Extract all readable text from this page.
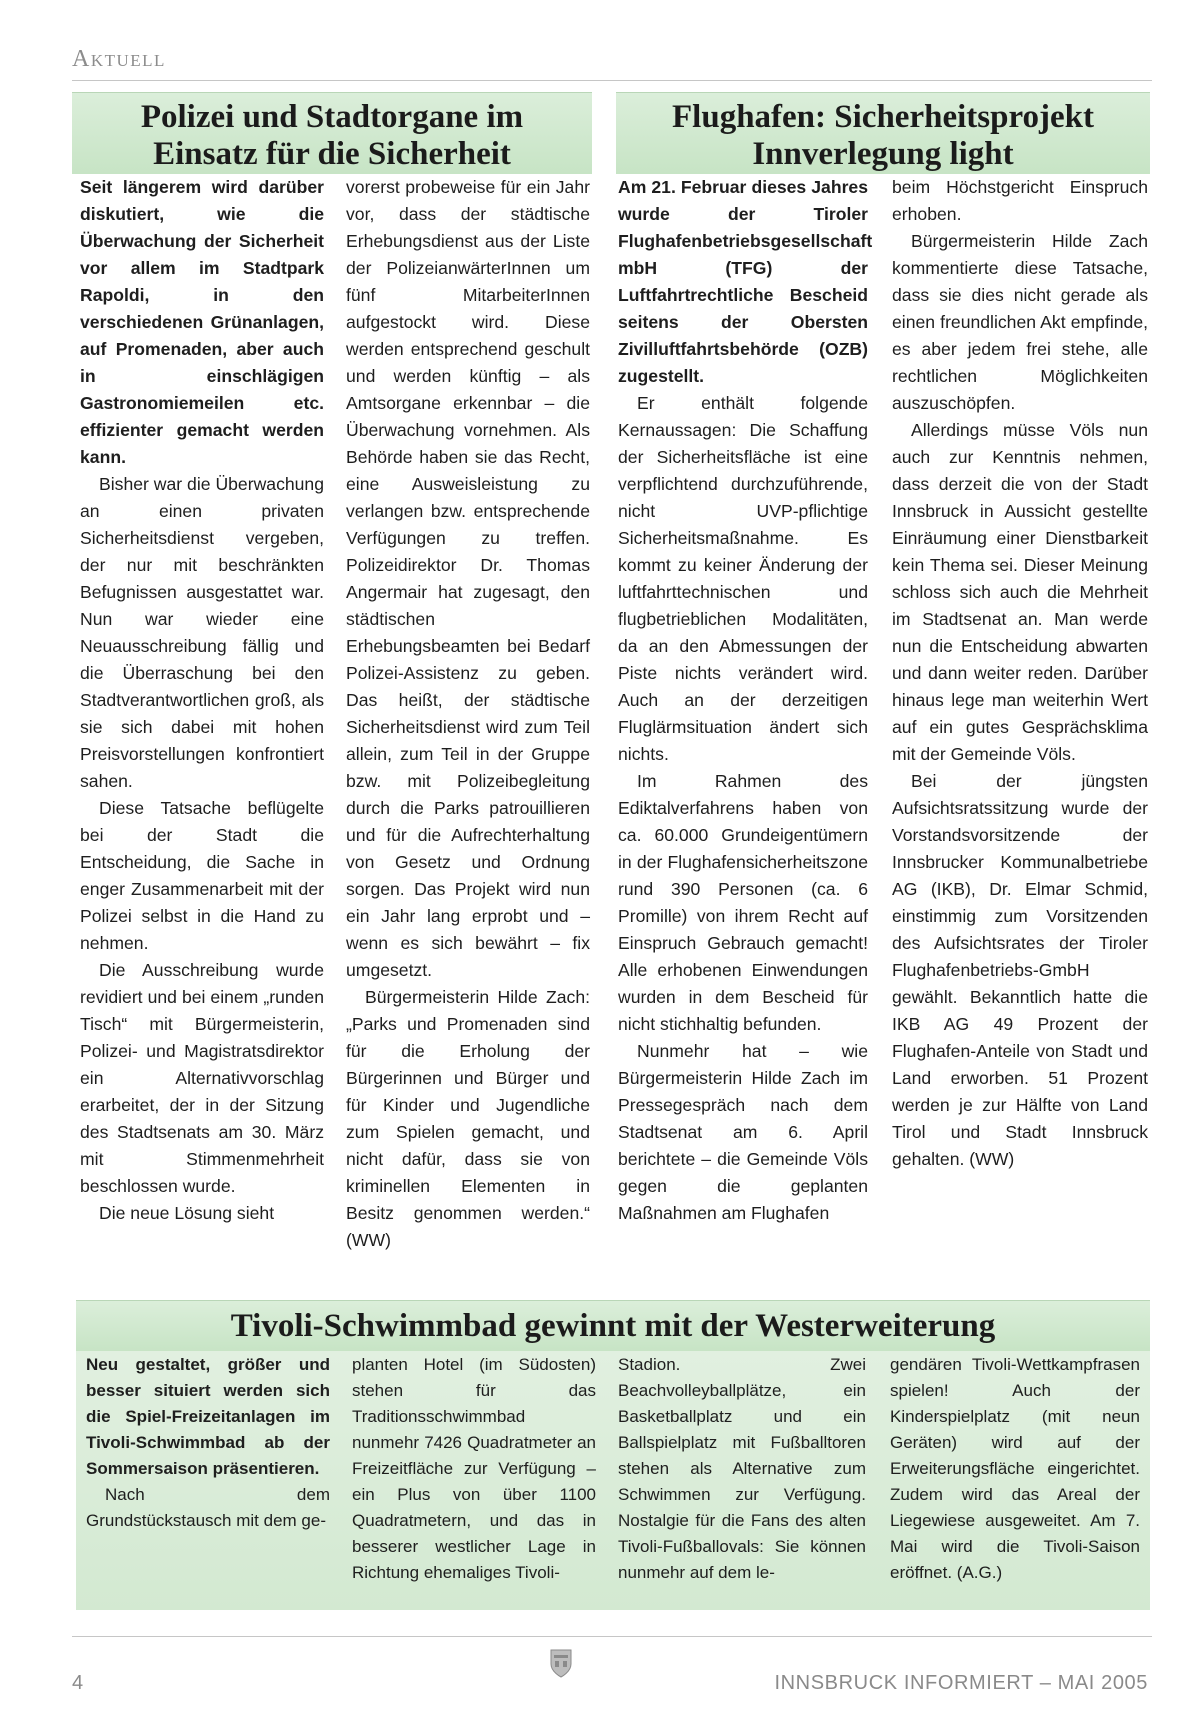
Aktuell
Polizei und Stadtorgane im
Einsatz für die Sicherheit

Seit längerem wird darüber diskutiert, wie die Überwachung der Sicherheit vor allem im Stadtpark Rapoldi, in den verschiedenen Grünanlagen, auf Promenaden, aber auch in einschlägigen Gastronomiemeilen etc. effizienter gemacht werden kann.

Bisher war die Überwachung an einen privaten Sicherheitsdienst vergeben, der nur mit beschränkten Befugnissen ausgestattet war. Nun war wieder eine Neuausschreibung fällig und die Überraschung bei den Stadtverantwortlichen groß, als sie sich dabei mit hohen Preisvorstellungen konfrontiert sahen.

Diese Tatsache beflügelte bei der Stadt die Entscheidung, die Sache in enger Zusammenarbeit mit der Polizei selbst in die Hand zu nehmen.

Die Ausschreibung wurde revidiert und bei einem „runden Tisch“ mit Bürgermeisterin, Polizei- und Magistratsdirektor ein Alternativvorschlag erarbeitet, der in der Sitzung des Stadtsenats am 30. März mit Stimmenmehrheit beschlossen wurde.

Die neue Lösung sieht

vorerst probeweise für ein Jahr vor, dass der städtische Erhebungsdienst aus der Liste der PolizeianwärterInnen um fünf MitarbeiterInnen aufgestockt wird. Diese werden entsprechend geschult und werden künftig – als Amtsorgane erkennbar – die Überwachung vornehmen. Als Behörde haben sie das Recht, eine Ausweisleistung zu verlangen bzw. entsprechende Verfügungen zu treffen. Polizeidirektor Dr. Thomas Angermair hat zugesagt, den städtischen Erhebungsbeamten bei Bedarf Polizei-Assistenz zu geben. Das heißt, der städtische Sicherheitsdienst wird zum Teil allein, zum Teil in der Gruppe bzw. mit Polizeibegleitung durch die Parks patrouillieren und für die Aufrechterhaltung von Gesetz und Ordnung sorgen. Das Projekt wird nun ein Jahr lang erprobt und – wenn es sich bewährt – fix umgesetzt.

Bürgermeisterin Hilde Zach: „Parks und Promenaden sind für die Erholung der Bürgerinnen und Bürger und für Kinder und Jugendliche zum Spielen gemacht, und nicht dafür, dass sie von kriminellen Elementen in Besitz genommen werden.“ (WW)

Flughafen: Sicherheitsprojekt
Innverlegung light

Am 21. Februar dieses Jahres wurde der Tiroler Flughafenbetriebsgesellschaft mbH (TFG) der Luftfahrtrechtliche Bescheid seitens der Obersten Zivilluftfahrtsbehörde (OZB) zugestellt.

Er enthält folgende Kernaussagen: Die Schaffung der Sicherheitsfläche ist eine verpflichtend durchzuführende, nicht UVP-pflichtige Sicherheitsmaßnahme. Es kommt zu keiner Änderung der luftfahrttechnischen und flugbetrieblichen Modalitäten, da an den Abmessungen der Piste nichts verändert wird. Auch an der derzeitigen Fluglärmsituation ändert sich nichts.

Im Rahmen des Ediktalverfahrens haben von ca. 60.000 Grundeigentümern in der Flughafensicherheitszone rund 390 Personen (ca. 6 Promille) von ihrem Recht auf Einspruch Gebrauch gemacht! Alle erhobenen Einwendungen wurden in dem Bescheid für nicht stichhaltig befunden.

Nunmehr hat – wie Bürgermeisterin Hilde Zach im Pressegespräch nach dem Stadtsenat am 6. April berichtete – die Gemeinde Völs gegen die geplanten Maßnahmen am Flughafen

beim Höchstgericht Einspruch erhoben.

Bürgermeisterin Hilde Zach kommentierte diese Tatsache, dass sie dies nicht gerade als einen freundlichen Akt empfinde, es aber jedem frei stehe, alle rechtlichen Möglichkeiten auszuschöpfen.

Allerdings müsse Völs nun auch zur Kenntnis nehmen, dass derzeit die von der Stadt Innsbruck in Aussicht gestellte Einräumung einer Dienstbarkeit kein Thema sei. Dieser Meinung schloss sich auch die Mehrheit im Stadtsenat an. Man werde nun die Entscheidung abwarten und dann weiter reden. Darüber hinaus lege man weiterhin Wert auf ein gutes Gesprächsklima mit der Gemeinde Völs.

Bei der jüngsten Aufsichtsratssitzung wurde der Vorstandsvorsitzende der Innsbrucker Kommunalbetriebe AG (IKB), Dr. Elmar Schmid, einstimmig zum Vorsitzenden des Aufsichtsrates der Tiroler Flughafenbetriebs-GmbH gewählt. Bekanntlich hatte die IKB AG 49 Prozent der Flughafen-Anteile von Stadt und Land erworben. 51 Prozent werden je zur Hälfte von Land Tirol und Stadt Innsbruck gehalten. (WW)

Tivoli-Schwimmbad gewinnt mit der Westerweiterung

Neu gestaltet, größer und besser situiert werden sich die Spiel-Freizeitanlagen im Tivoli-Schwimmbad ab der Sommersaison präsentieren.

Nach dem Grundstückstausch mit dem ge-

planten Hotel (im Südosten) stehen für das Traditionsschwimmbad nunmehr 7426 Quadratmeter an Freizeitfläche zur Verfügung – ein Plus von über 1100 Quadratmetern, und das in besserer westlicher Lage in Richtung ehemaliges Tivoli-

Stadion. Zwei Beachvolleyballplätze, ein Basketballplatz und ein Ballspielplatz mit Fußballtoren stehen als Alternative zum Schwimmen zur Verfügung. Nostalgie für die Fans des alten Tivoli-Fußballovals: Sie können nunmehr auf dem le-

gendären Tivoli-Wettkampfrasen spielen! Auch der Kinderspielplatz (mit neun Geräten) wird auf der Erweiterungsfläche eingerichtet. Zudem wird das Areal der Liegewiese ausgeweitet. Am 7. Mai wird die Tivoli-Saison eröffnet. (A.G.)

4	INNSBRUCK INFORMIERT – MAI 2005
